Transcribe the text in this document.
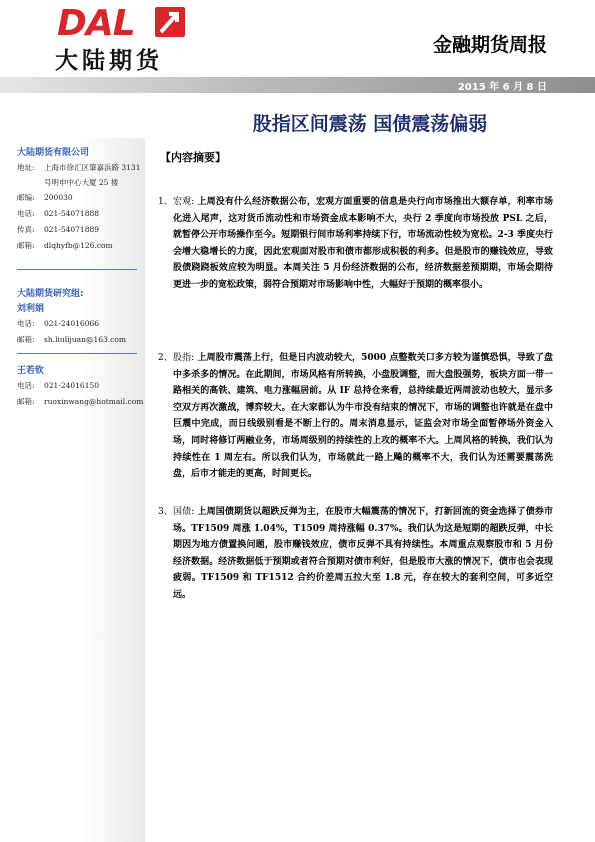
DAL
大陆期货
金融期货周报
2015 年 6 月 8 日
股指区间震荡 国债震荡偏弱
大陆期货有限公司
地址: 上海市徐汇区肇嘉浜路 3131
号明申中心大厦 25 楼
邮编: 200030
电话: 021-54071888
传真: 021-54071889
邮箱: dlqhyfb@126.com
大陆期货研究组:
刘利娟
电话: 021-24016066
邮箱: sh.liulijuan@163.com
王若钦
电话: 021-24016150
邮箱: ruoxinwang@hotmail.com
【内容摘要】
1、 宏观: 上周没有什么经济数据公布，宏观方面重要的信息是央行向市场推出大额存单，利率市场化进入尾声，这对货币流动性和市场资金成本影响不大，央行 2 季度向市场投放 PSL 之后，就暂停公开市场操作至今。短期银行间市场利率持续下行，市场流动性较为宽松。2-3 季度央行会增大稳增长的力度，因此宏观面对股市和债市都形成积极的利多。但是股市的赚钱效应，导致股债跷跷板效应较为明显。本周关注 5 月份经济数据的公布，经济数据差预期期，市场会期待更进一步的宽松政策，弱符合预期对市场影响中性，大幅好于预期的概率很小。
2、 股指: 上周股市震荡上行，但是日内波动较大，5000 点整数关口多方较为谨慎恐惧，导致了盘中多杀多的情况。在此期间，市场风格有所转换，小盘股调整，而大盘股强势，板块方面一带一路相关的高铁、建筑、电力涨幅居前。从 IF 总持仓来看，总持续最近两周波动也较大，显示多空双方再次激战，博弈较大。在大家都认为牛市没有结束的情况下，市场的调整也许就是在盘中巨震中完成，而日线级别看是不断上行的。周末消息显示，证监会对市场全面暂停场外资金入场，同时将修订两融业务，市场周级别的持续性的上攻的概率不大。上周风格的转换，我们认为持续性在 1 周左右。所以我们认为，市场就此一路上飚的概率不大，我们认为还需要震荡洗盘，后市才能走的更高，时间更长。
3、 国债: 上周国债期货以超跌反弹为主，在股市大幅震荡的情况下，打新回流的资金选择了债券市场。TF1509 周涨 1.04%，T1509 周持涨幅 0.37%。我们认为这是短期的超跌反弹，中长期因为地方债置换问题，股市赚钱效应，债市反弹不具有持续性。本周重点观察股市和 5 月份经济数据。经济数据低于预期或者符合预期对债市利好，但是股市大涨的情况下，债市也会表现疲弱。TF1509 和 TF1512 合约价差周五拉大至 1.8 元，存在较大的套利空间，可多近空远。
